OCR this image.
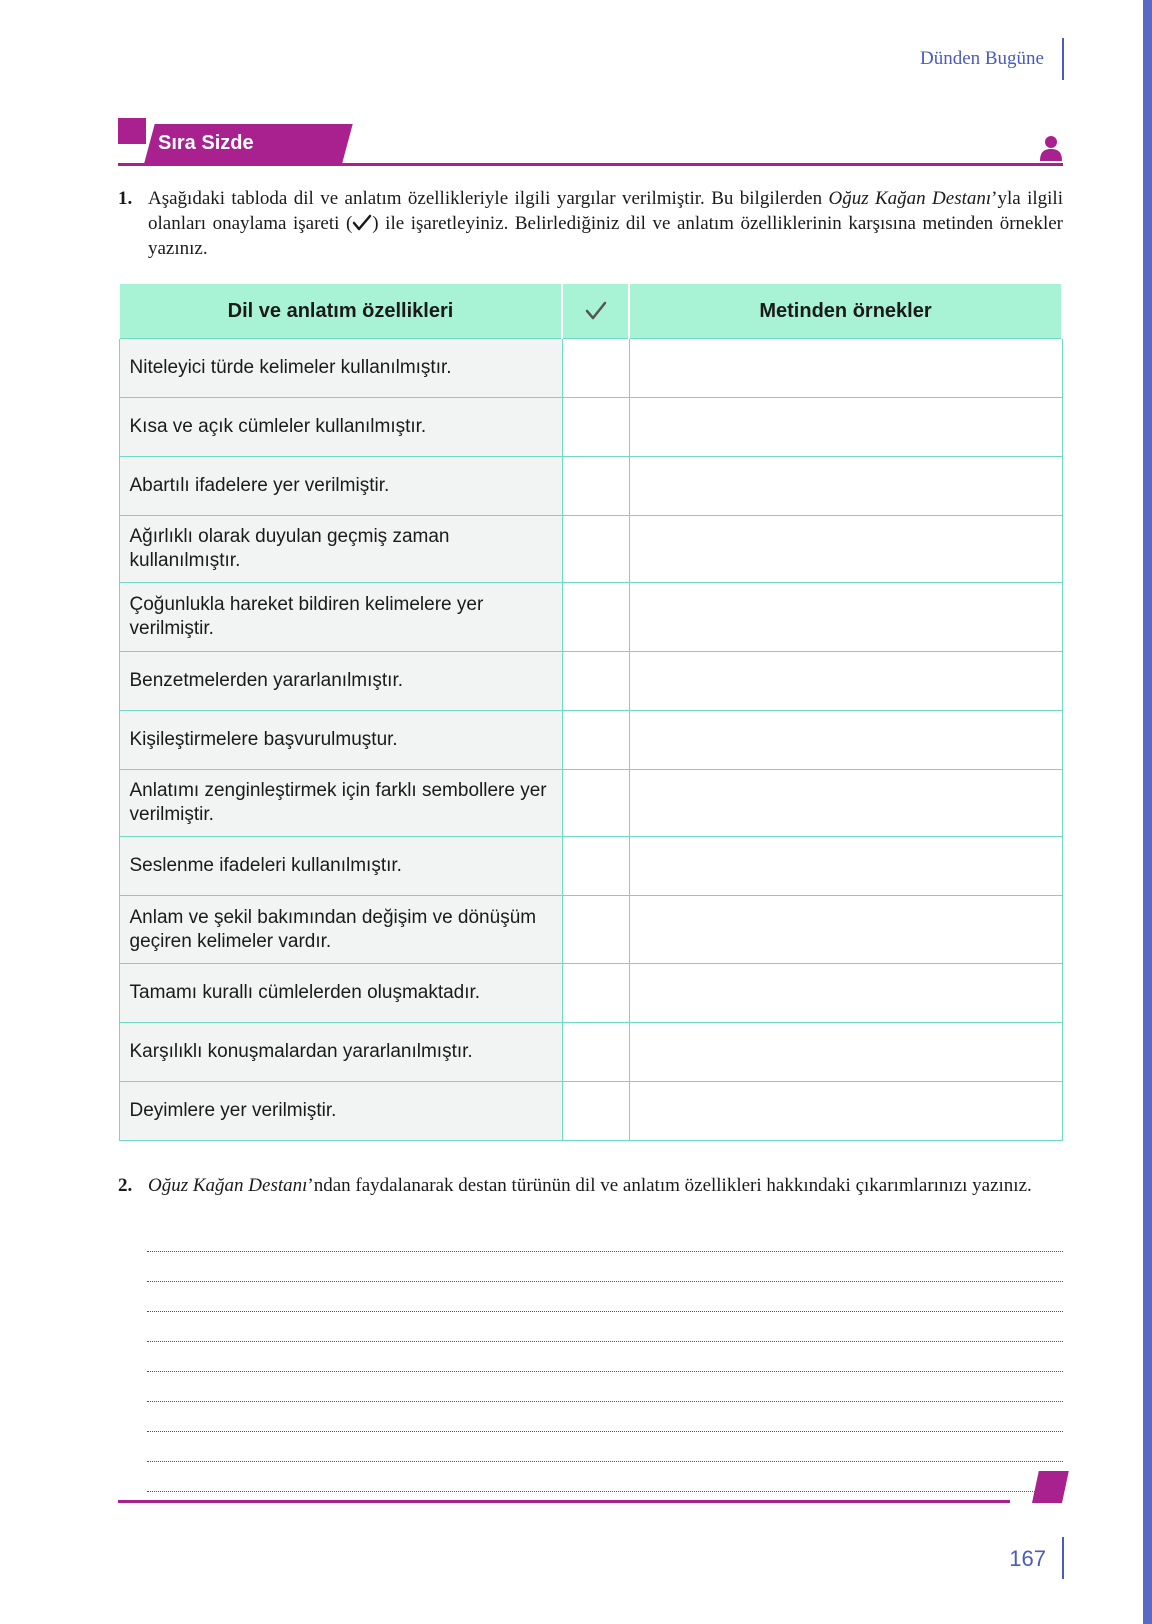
Dünden Bugüne
Sıra Sizde
1. Aşağıdaki tabloda dil ve anlatım özellikleriyle ilgili yargılar verilmiştir. Bu bilgilerden Oğuz Kağan Destanı’yla ilgili olanları onaylama işareti ( ) ile işaretleyiniz. Belirlediğiniz dil ve anlatım özelliklerinin karşısına metinden örnekler yazınız.
Dil ve anlatım özellikleri		Metinden örnekler
Niteleyici türde kelimeler kullanılmıştır.		
Kısa ve açık cümleler kullanılmıştır.		
Abartılı ifadelere yer verilmiştir.		
Ağırlıklı olarak duyulan geçmiş zaman kullanılmıştır.		
Çoğunlukla hareket bildiren kelimelere yer verilmiştir.		
Benzetmelerden yararlanılmıştır.		
Kişileştirmelere başvurulmuştur.		
Anlatımı zenginleştirmek için farklı sembollere yer verilmiştir.		
Seslenme ifadeleri kullanılmıştır.		
Anlam ve şekil bakımından değişim ve dönüşüm geçiren kelimeler vardır.		
Tamamı kurallı cümlelerden oluşmaktadır.		
Karşılıklı konuşmalardan yararlanılmıştır.		
Deyimlere yer verilmiştir.		
2. Oğuz Kağan Destanı’ndan faydalanarak destan türünün dil ve anlatım özellikleri hakkındaki çıkarımlarınızı yazınız.
167
